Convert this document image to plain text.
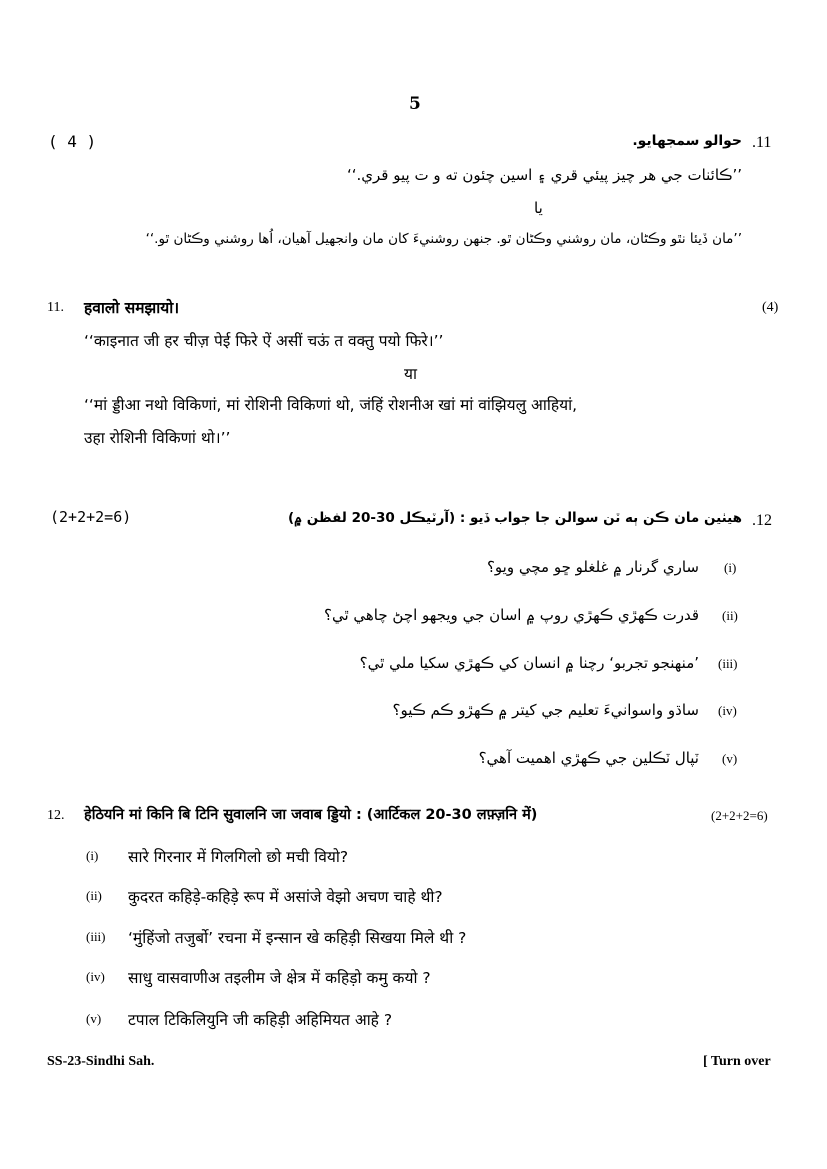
5
( 4 )	.11
حوالو سمجهايو.
’’ڪائنات جي هر چيز پيئي قري ۽ اسين چئون ته و ت پيو قري.‘‘
يا
’’مان ڏيئا نٿو وڪڻان، مان روشني وڪڻان ٿو. جنهن روشنيءَ کان مان وانجهيل آهيان، اُها روشني وڪڻان ٿو.‘‘
11. हवालो समझायो।	(4)
‘‘काइनात जी हर चीज़ पेई फिरे ऐं असीं चऊं त वक्तु पयो फिरे।’’
या
‘‘मां ड्डीआ नथो विकिणां, मां रोशिनी विकिणां थो, जंहिं रोशनीअ खां मां वांझियलु आहियां,
उहा रोशिनी विकिणां थो।’’
(2+2+2=6)	.12
هيٺين مان ڪن ٻه ٽن سوالن جا جواب ڏيو : (آرٽيڪل 30-20 لفظن ۾)
(i)
ساري گرنار ۾ غلغلو ڇو مچي ويو؟
(ii)
قدرت ڪهڙي ڪهڙي روپ ۾ اسان جي ويجهو اچڻ چاهي ٿي؟
(iii)
’منهنجو تجربو‘ رچنا ۾ انسان کي ڪهڙي سکيا ملي ٿي؟
(iv)
ساڌو واسوانيءَ تعليم جي کيتر ۾ ڪهڙو ڪم ڪيو؟
(v)
ٽپال ٽڪلين جي ڪهڙي اهميت آهي؟
12. हेठियनि मां किनि बि टिनि सुवालनि जा जवाब ड्डियो : (आर्टिकल 20-30 लफ़्ज़नि में)	(2+2+2=6)
(i) सारे गिरनार में गिलगिलो छो मची वियो?
(ii) कुदरत कहिड़े-कहिड़े रूप में असांजे वेझो अचण चाहे थी?
(iii) ‘मुंहिंजो तजुर्बो’ रचना में इन्सान खे कहिड़ी सिखया मिले थी ?
(iv) साधु वासवाणीअ तइलीम जे क्षेत्र में कहिड़ो कमु कयो ?
(v) टपाल टिकिलियुनि जी कहिड़ी अहिमियत आहे ?
SS-23-Sindhi Sah.	[ Turn over
